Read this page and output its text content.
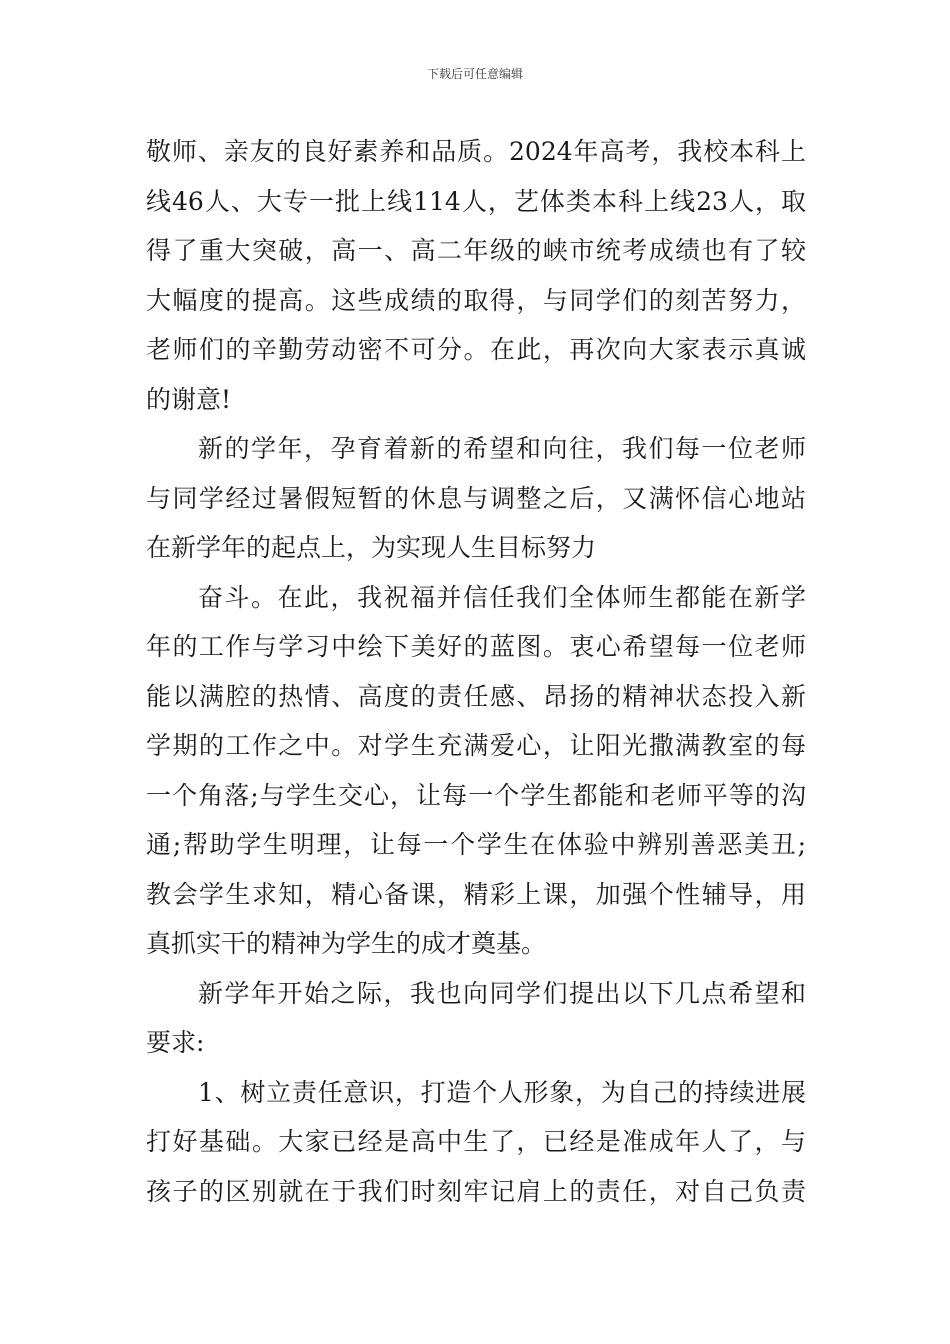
下载后可任意编辑
敬师、亲友的良好素养和品质。2024年高考，我校本科上
线46人、大专一批上线114人，艺体类本科上线23人，取
得了重大突破，高一、高二年级的峡市统考成绩也有了较
大幅度的提高。这些成绩的取得，与同学们的刻苦努力，
老师们的辛勤劳动密不可分。在此，再次向大家表示真诚
的谢意!
新的学年，孕育着新的希望和向往，我们每一位老师
与同学经过暑假短暂的休息与调整之后，又满怀信心地站
在新学年的起点上，为实现人生目标努力
奋斗。在此，我祝福并信任我们全体师生都能在新学
年的工作与学习中绘下美好的蓝图。衷心希望每一位老师
能以满腔的热情、高度的责任感、昂扬的精神状态投入新
学期的工作之中。对学生充满爱心，让阳光撒满教室的每
一个角落;与学生交心，让每一个学生都能和老师平等的沟
通;帮助学生明理，让每一个学生在体验中辨别善恶美丑;
教会学生求知，精心备课，精彩上课，加强个性辅导，用
真抓实干的精神为学生的成才奠基。
新学年开始之际，我也向同学们提出以下几点希望和
要求:
1、树立责任意识，打造个人形象，为自己的持续进展
打好基础。大家已经是高中生了，已经是准成年人了，与
孩子的区别就在于我们时刻牢记肩上的责任，对自己负责
